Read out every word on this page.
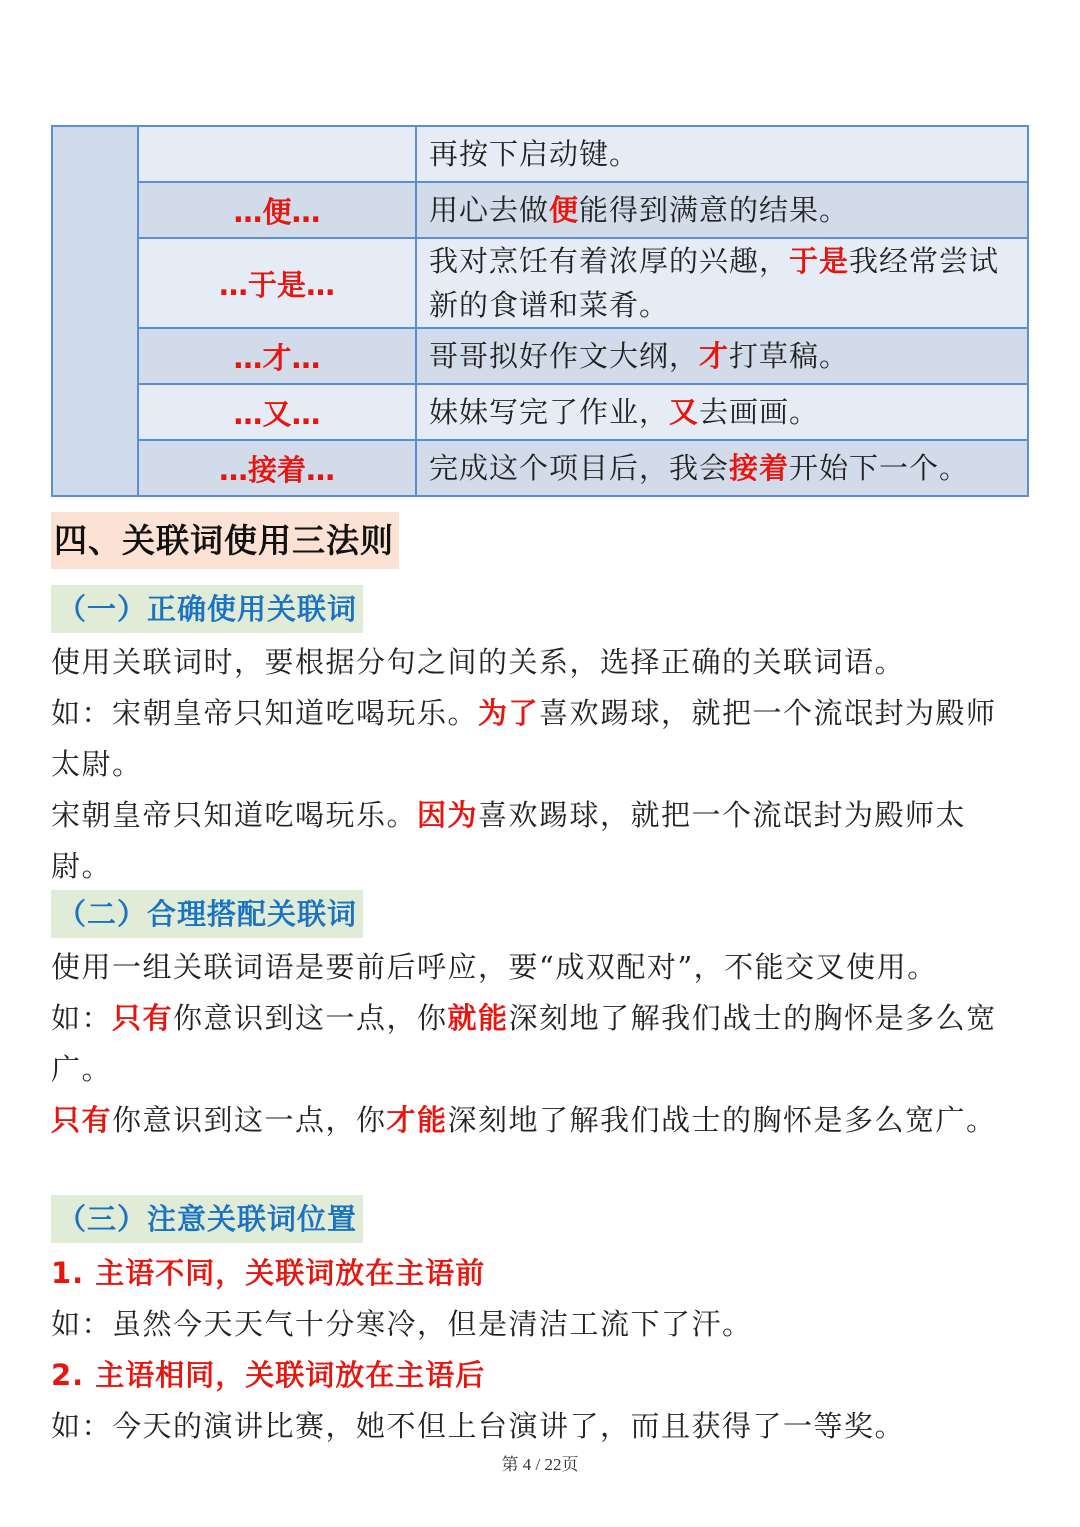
		再按下启动键。
	…便…	用心去做便能得到满意的结果。
	…于是…	我对烹饪有着浓厚的兴趣，于是我经常尝试新的食谱和菜肴。
	…才…	哥哥拟好作文大纲，才打草稿。
	…又…	妹妹写完了作业，又去画画。
	…接着…	完成这个项目后，我会接着开始下一个。
四、关联词使用三法则
（一）正确使用关联词

使用关联词时，要根据分句之间的关系，选择正确的关联词语。

如：宋朝皇帝只知道吃喝玩乐。为了喜欢踢球，就把一个流氓封为殿师太尉。

宋朝皇帝只知道吃喝玩乐。因为喜欢踢球，就把一个流氓封为殿师太尉。

（二）合理搭配关联词

使用一组关联词语是要前后呼应，要“成双配对”，不能交叉使用。

如：只有你意识到这一点，你就能深刻地了解我们战士的胸怀是多么宽广。

只有你意识到这一点，你才能深刻地了解我们战士的胸怀是多么宽广。

（三）注意关联词位置
1. 主语不同，关联词放在主语前

如：虽然今天天气十分寒冷，但是清洁工流下了汗。

2. 主语相同，关联词放在主语后

如：今天的演讲比赛，她不但上台演讲了，而且获得了一等奖。

第 4 / 22页
